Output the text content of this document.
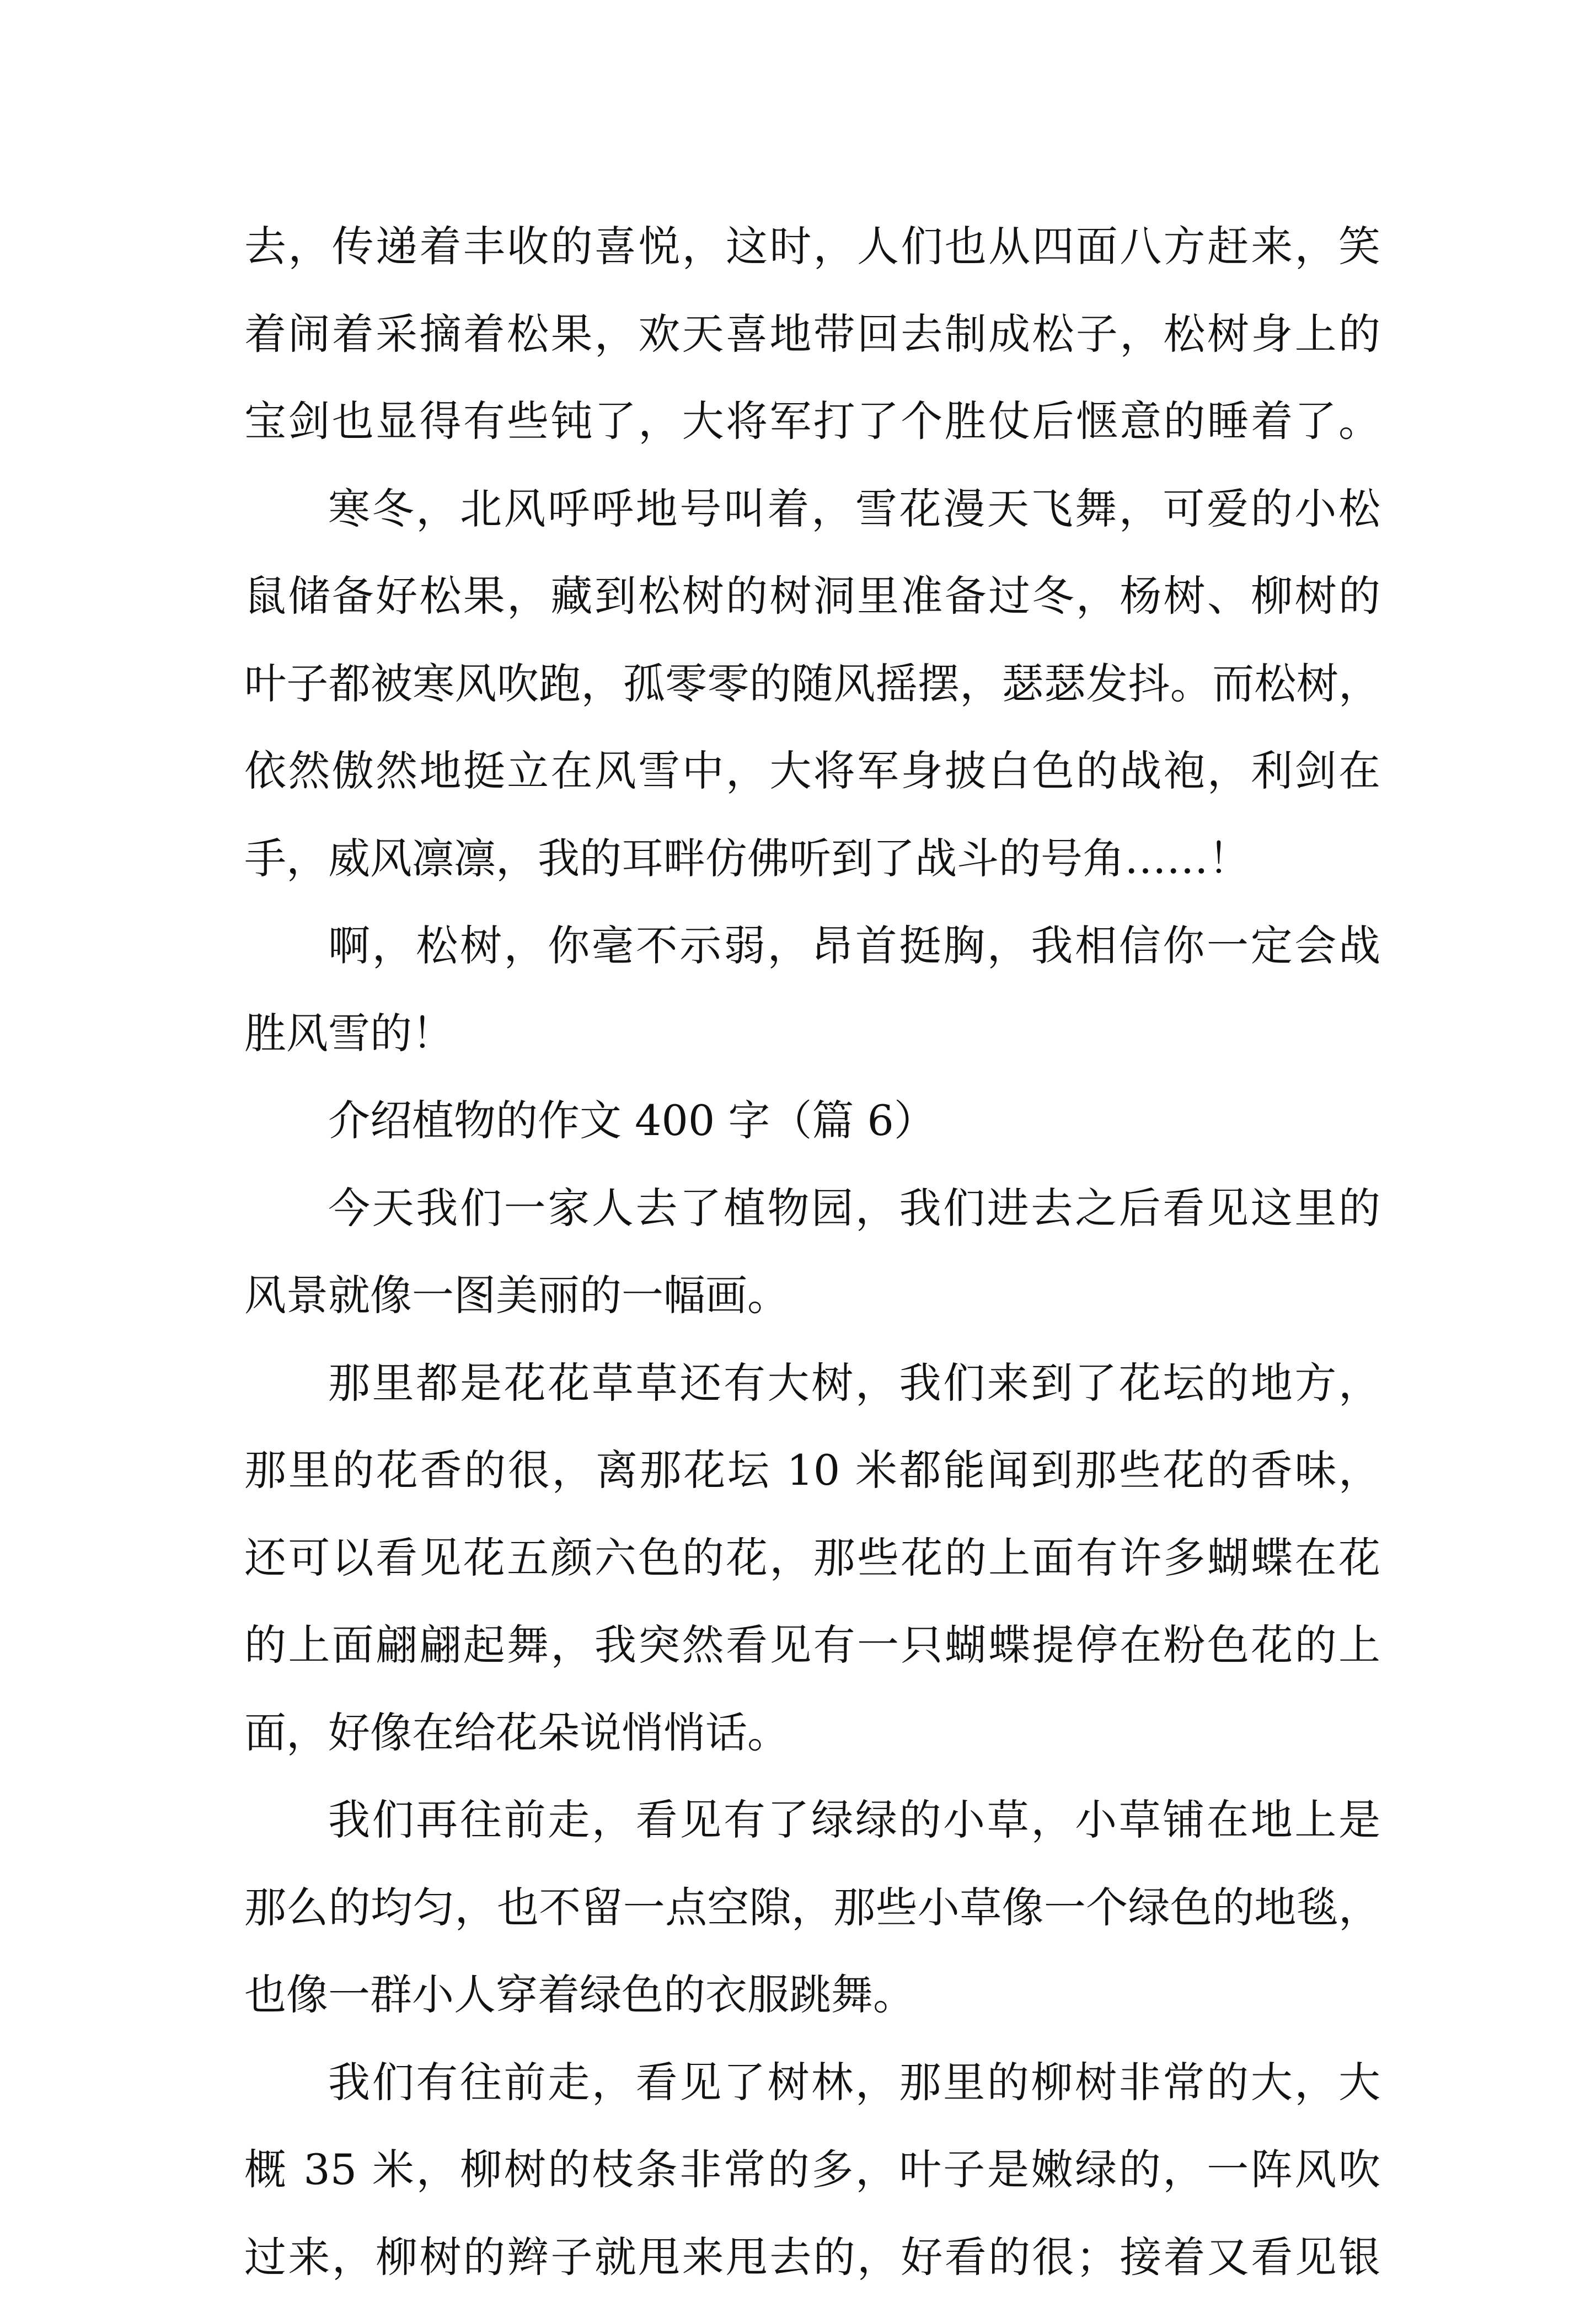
去，传递着丰收的喜悦，这时，人们也从四面八方赶来，笑
着闹着采摘着松果，欢天喜地带回去制成松子，松树身上的
宝剑也显得有些钝了，大将军打了个胜仗后惬意的睡着了。
寒冬，北风呼呼地号叫着，雪花漫天飞舞，可爱的小松
鼠储备好松果，藏到松树的树洞里准备过冬，杨树、柳树的
叶子都被寒风吹跑，孤零零的随风摇摆，瑟瑟发抖。而松树，
依然傲然地挺立在风雪中，大将军身披白色的战袍，利剑在
手，威风凛凛，我的耳畔仿佛听到了战斗的号角……！
啊，松树，你毫不示弱，昂首挺胸，我相信你一定会战
胜风雪的！
介绍植物的作文 400 字（篇 6）
今天我们一家人去了植物园，我们进去之后看见这里的
风景就像一图美丽的一幅画。
那里都是花花草草还有大树，我们来到了花坛的地方，
那里的花香的很，离那花坛 10 米都能闻到那些花的香味，
还可以看见花五颜六色的花，那些花的上面有许多蝴蝶在花
的上面翩翩起舞，我突然看见有一只蝴蝶提停在粉色花的上
面，好像在给花朵说悄悄话。
我们再往前走，看见有了绿绿的小草，小草铺在地上是
那么的均匀，也不留一点空隙，那些小草像一个绿色的地毯，
也像一群小人穿着绿色的衣服跳舞。
我们有往前走，看见了树林，那里的柳树非常的大，大
概 35 米，柳树的枝条非常的多，叶子是嫩绿的，一阵风吹
过来，柳树的辫子就甩来甩去的，好看的很；接着又看见银
